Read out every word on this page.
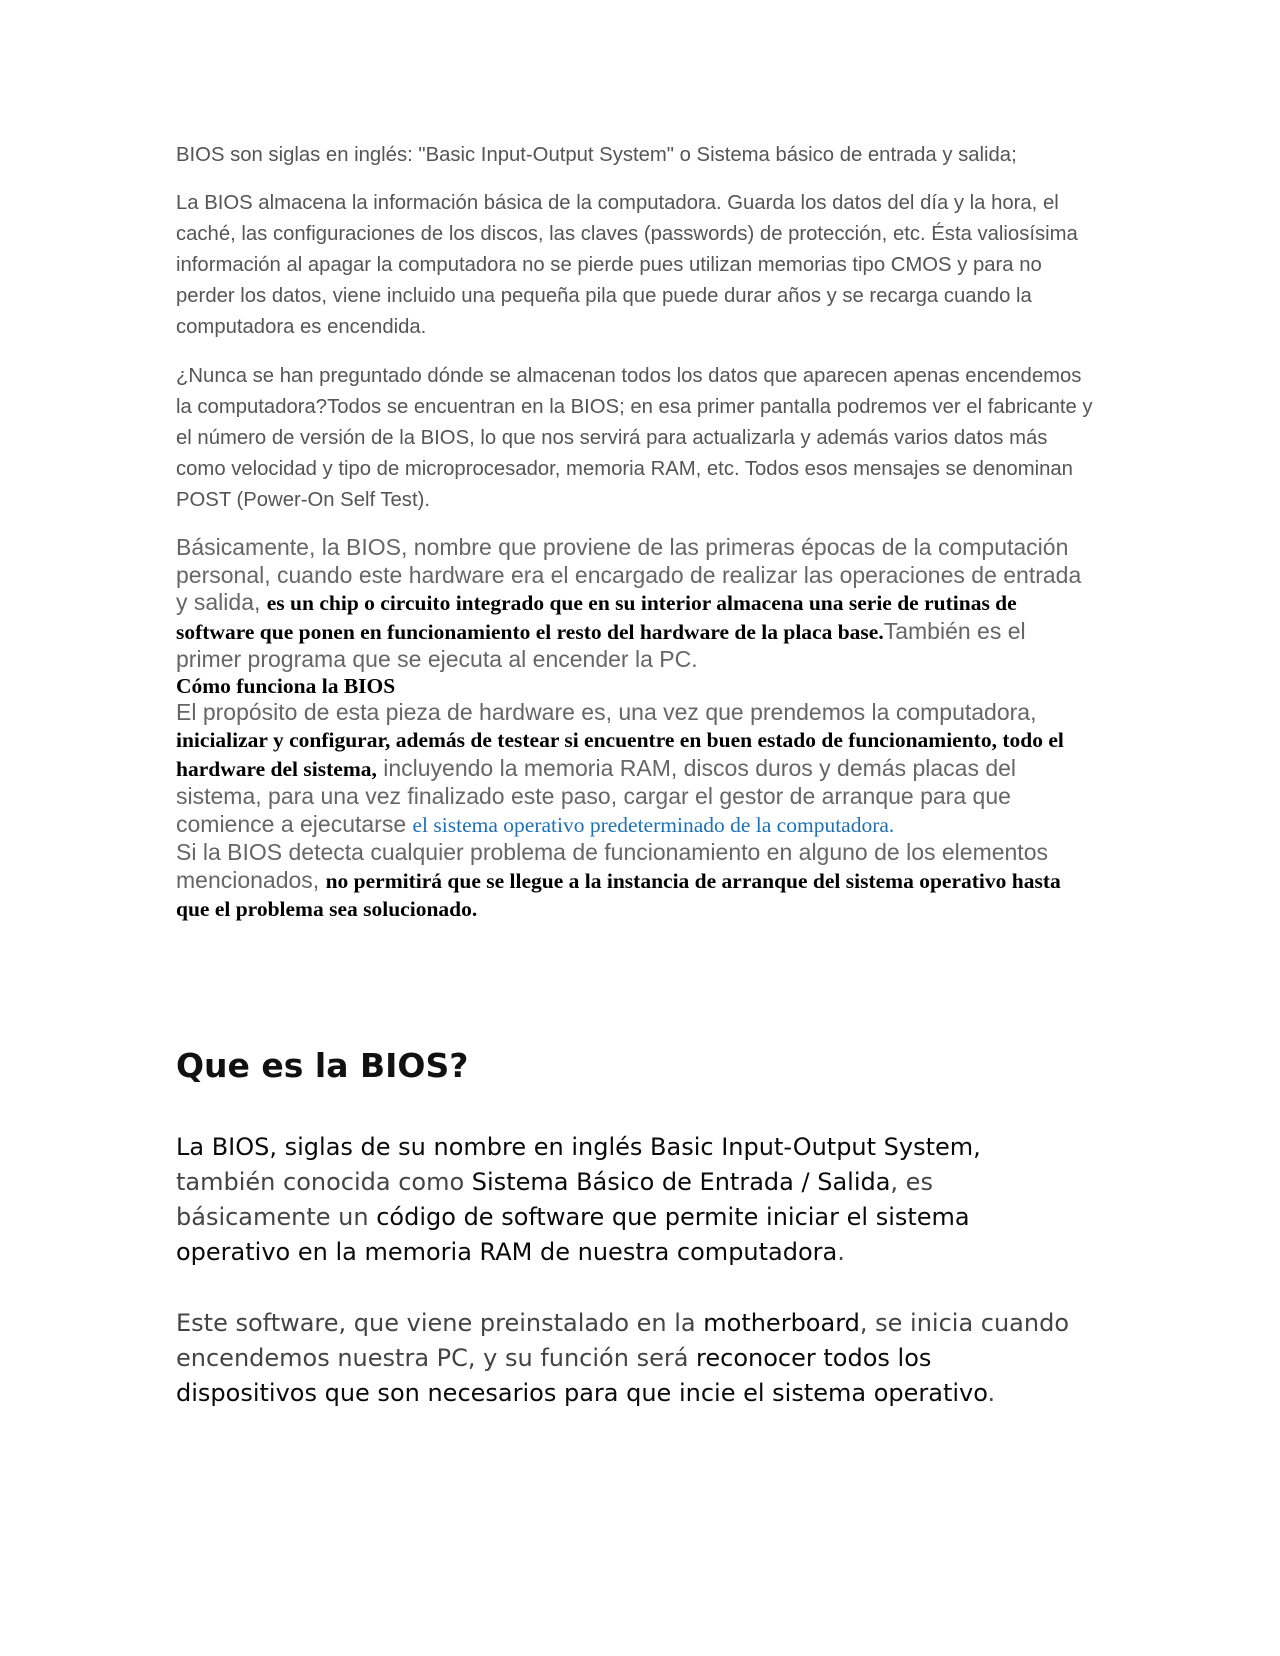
BIOS son siglas en inglés: "Basic Input-Output System" o Sistema básico de entrada y salida;

La BIOS almacena la información básica de la computadora. Guarda los datos del día y la hora, el caché, las configuraciones de los discos, las claves (passwords) de protección, etc. Ésta valiosísima información al apagar la computadora no se pierde pues utilizan memorias tipo CMOS y para no perder los datos, viene incluido una pequeña pila que puede durar años y se recarga cuando la computadora es encendida.

¿Nunca se han preguntado dónde se almacenan todos los datos que aparecen apenas encendemos la computadora?Todos se encuentran en la BIOS; en esa primer pantalla podremos ver el fabricante y el número de versión de la BIOS, lo que nos servirá para actualizarla y además varios datos más como velocidad y tipo de microprocesador, memoria RAM, etc. Todos esos mensajes se denominan POST (Power-On Self Test).

Básicamente, la BIOS, nombre que proviene de las primeras épocas de la computación personal, cuando este hardware era el encargado de realizar las operaciones de entrada y salida, es un chip o circuito integrado que en su interior almacena una serie de rutinas de software que ponen en funcionamiento el resto del hardware de la placa base.También es el primer programa que se ejecuta al encender la PC.

Cómo funciona la BIOS

El propósito de esta pieza de hardware es, una vez que prendemos la computadora, inicializar y configurar, además de testear si encuentre en buen estado de funcionamiento, todo el hardware del sistema, incluyendo la memoria RAM, discos duros y demás placas del sistema, para una vez finalizado este paso, cargar el gestor de arranque para que comience a ejecutarse el sistema operativo predeterminado de la computadora.

Si la BIOS detecta cualquier problema de funcionamiento en alguno de los elementos mencionados, no permitirá que se llegue a la instancia de arranque del sistema operativo hasta que el problema sea solucionado.

Que es la BIOS?

La BIOS, siglas de su nombre en inglés Basic Input-Output System, también conocida como Sistema Básico de Entrada / Salida, es básicamente un código de software que permite iniciar el sistema operativo en la memoria RAM de nuestra computadora.

Este software, que viene preinstalado en la motherboard, se inicia cuando encendemos nuestra PC, y su función será reconocer todos los dispositivos que son necesarios para que incie el sistema operativo.
